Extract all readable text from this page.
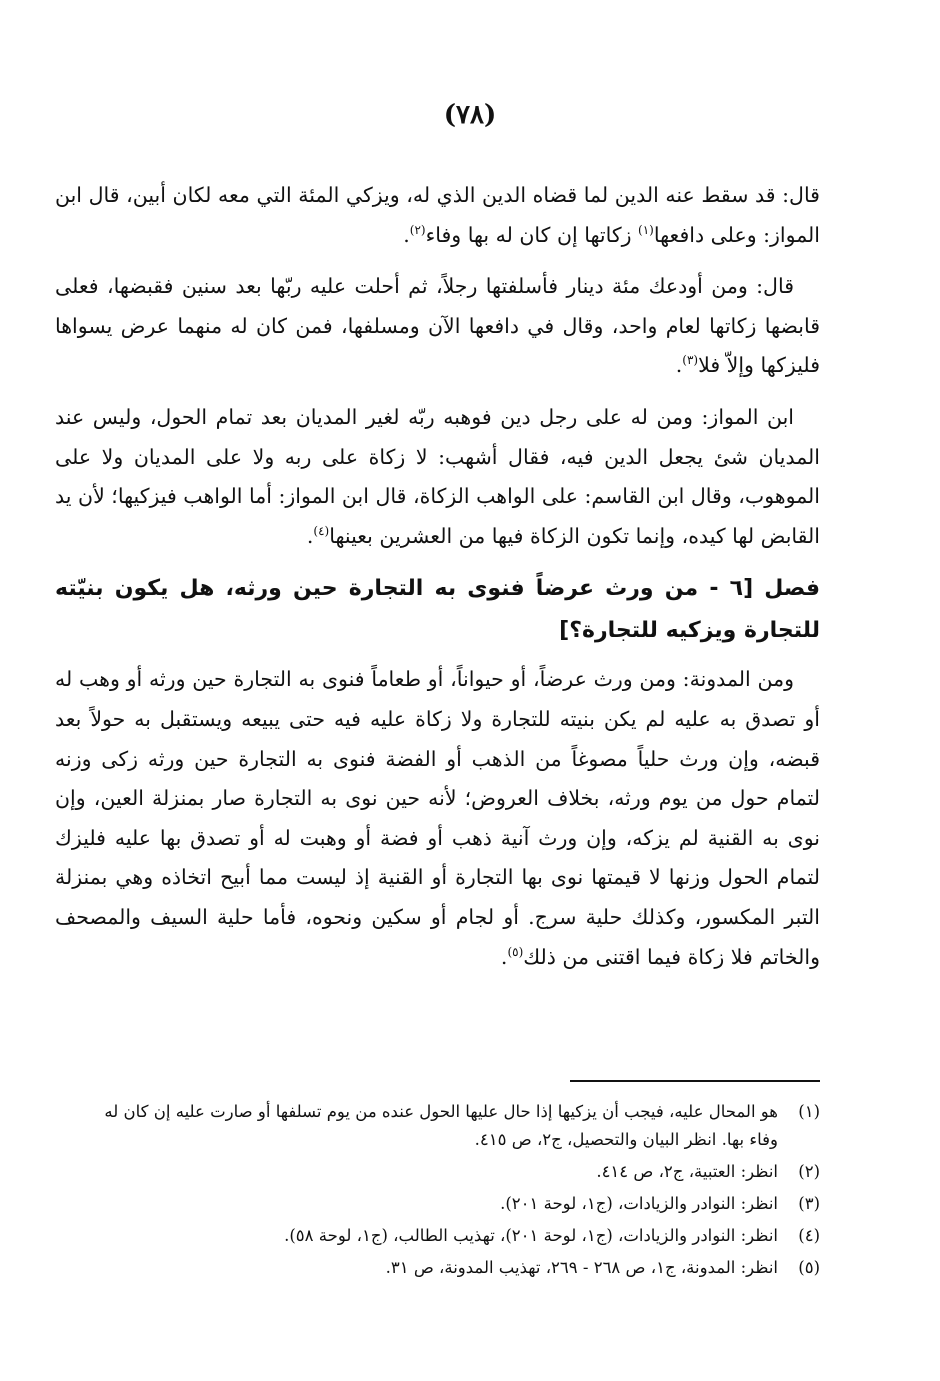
(٧٨)

قال: قد سقط عنه الدين لما قضاه الدين الذي له، ويزكي المئة التي معه لكان أبين، قال ابن المواز: وعلى دافعها$^{(١)}$ زكاتها إن كان له بها وفاء$^{(٢)}$.

قال: ومن أودعك مئة دينار فأسلفتها رجلاً، ثم أحلت عليه ربّها بعد سنين فقبضها، فعلى قابضها زكاتها لعام واحد، وقال في دافعها الآن ومسلفها، فمن كان له منهما عرض يسواها فليزكها وإلاّ فلا$^{(٣)}$.

ابن المواز: ومن له على رجل دين فوهبه ربّه لغير المديان بعد تمام الحول، وليس عند المديان شئ يجعل الدين فيه، فقال أشهب: لا زكاة على ربه ولا على المديان ولا على الموهوب، وقال ابن القاسم: على الواهب الزكاة، قال ابن المواز: أما الواهب فيزكيها؛ لأن يد القابض لها كيده، وإنما تكون الزكاة فيها من العشرين بعينها$^{(٤)}$.

فصل [٦ - من ورث عرضاً فنوى به التجارة حين ورثه، هل يكون بنيّته للتجارة ويزكيه للتجارة؟]

ومن المدونة: ومن ورث عرضاً، أو حيواناً، أو طعاماً فنوى به التجارة حين ورثه أو وهب له أو تصدق به عليه لم يكن بنيته للتجارة ولا زكاة عليه فيه حتى يبيعه ويستقبل به حولاً بعد قبضه، وإن ورث حلياً مصوغاً من الذهب أو الفضة فنوى به التجارة حين ورثه زكى وزنه لتمام حول من يوم ورثه، بخلاف العروض؛ لأنه حين نوى به التجارة صار بمنزلة العين، وإن نوى به القنية لم يزكه، وإن ورث آنية ذهب أو فضة أو وهبت له أو تصدق بها عليه فليزك لتمام الحول وزنها لا قيمتها نوى بها التجارة أو القنية إذ ليست مما أبيح اتخاذه وهي بمنزلة التبر المكسور، وكذلك حلية سرج. أو لجام أو سكين ونحوه، فأما حلية السيف والمصحف والخاتم فلا زكاة فيما اقتنى من ذلك$^{(٥)}$.

(١)
هو المحال عليه، فيجب أن يزكيها إذا حال عليها الحول عنده من يوم تسلفها أو صارت عليه إن كان له وفاء بها. انظر البيان والتحصيل، ج٢، ص ٤١٥.
(٢)
انظر: العتبية، ج٢، ص ٤١٤.
(٣)
انظر: النوادر والزيادات، (ج١، لوحة ٢٠١).
(٤)
انظر: النوادر والزيادات، (ج١، لوحة ٢٠١)، تهذيب الطالب، (ج١، لوحة ٥٨).
(٥)
انظر: المدونة، ج١، ص ٢٦٨ - ٢٦٩، تهذيب المدونة، ص ٣١.
